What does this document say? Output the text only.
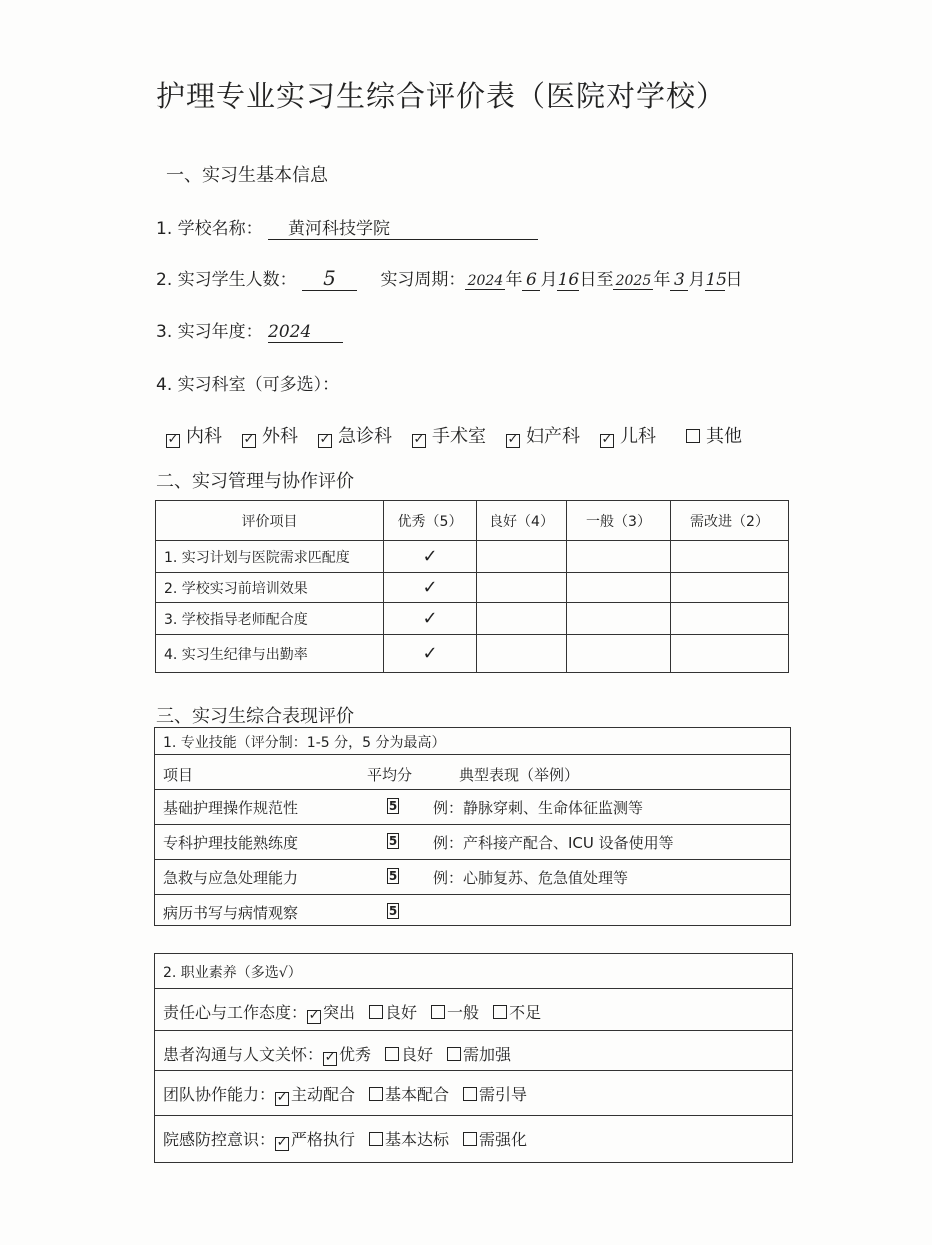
护理专业实习生综合评价表（医院对学校）
一、实习生基本信息
1. 学校名称： 黄河科技学院
2. 实习学生人数： 5	实习周期： 2024 年 6 月16日至 2025 年 3 月15日
3. 实习年度： 2024
4. 实习科室（可多选）：
✓ 内科 ✓ 外科 ✓ 急诊科 ✓ 手术室 ✓ 妇产科 ✓ 儿科	其他
二、实习管理与协作评价
评价项目	优秀（5）	良好（4）	一般（3）	需改进（2）
1. 实习计划与医院需求匹配度	✓			
2. 学校实习前培训效果	✓			
3. 学校指导老师配合度	✓			
4. 实习生纪律与出勤率	✓			
三、实习生综合表现评价
1. 专业技能（评分制：1-5 分，5 分为最高）
项目	平均分	典型表现（举例）
基础护理操作规范性	5 例：静脉穿刺、生命体征监测等
专科护理技能熟练度	5 例：产科接产配合、ICU 设备使用等
急救与应急处理能力	5 例：心肺复苏、危急值处理等
病历书写与病情观察	5
2. 职业素养（多选√）
责任心与工作态度： ✓ 突出 良好 一般 不足
患者沟通与人文关怀： ✓ 优秀 良好 需加强
团队协作能力： ✓ 主动配合 基本配合 需引导
院感防控意识： ✓ 严格执行 基本达标 需强化
